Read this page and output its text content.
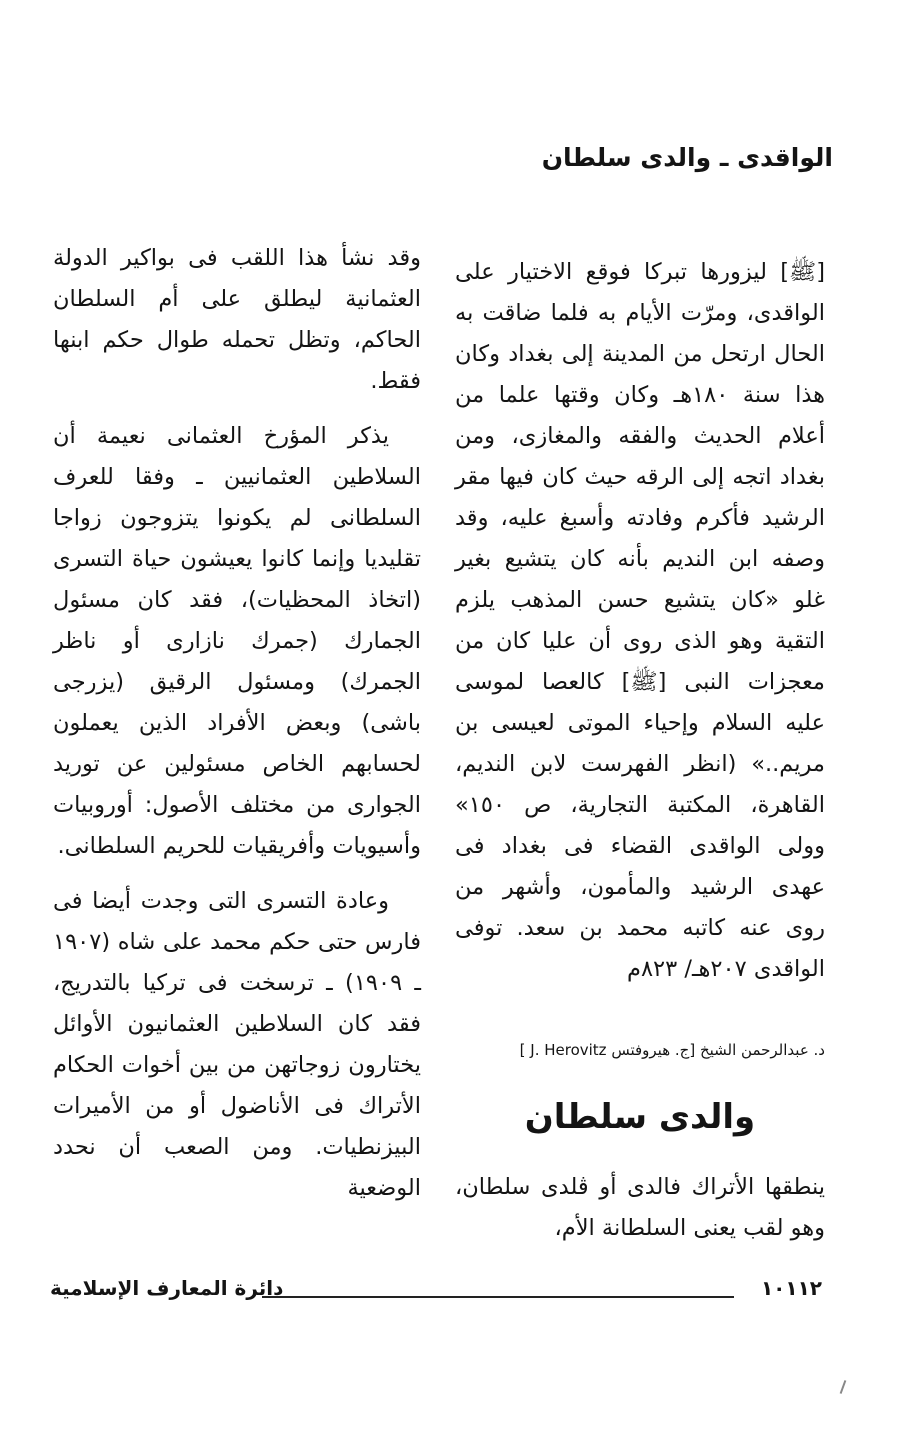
الواقدى ـ والدى سلطان

[ﷺ] ليزورها تبركا فوقع الاختيار على الواقدى، ومرّت الأيام به فلما ضاقت به الحال ارتحل من المدينة إلى بغداد وكان هذا سنة ١٨٠هـ وكان وقتها علما من أعلام الحديث والفقه والمغازى، ومن بغداد اتجه إلى الرقه حيث كان فيها مقر الرشيد فأكرم وفادته وأسبغ عليه، وقد وصفه ابن النديم بأنه كان يتشيع بغير غلو «كان يتشيع حسن المذهب يلزم التقية وهو الذى روى أن عليا كان من معجزات النبى [ﷺ] كالعصا لموسى عليه السلام وإحياء الموتى لعيسى بن مريم..» (انظر الفهرست لابن النديم، القاهرة، المكتبة التجارية، ص ١٥٠» وولى الواقدى القضاء فى بغداد فى عهدى الرشيد والمأمون، وأشهر من روى عنه كاتبه محمد بن سعد. توفى الواقدى ٢٠٧هـ/ ٨٢٣م

د. عبدالرحمن الشيخ [ج. هيروفتس J. Herovitz ]
والدى سلطان
ينطقها الأتراك فالدى أو ڤلدى سلطان، وهو لقب يعنى السلطانة الأم،

وقد نشأ هذا اللقب فى بواكير الدولة العثمانية ليطلق على أم السلطان الحاكم، وتظل تحمله طوال حكم ابنها فقط.

يذكر المؤرخ العثمانى نعيمة أن السلاطين العثمانيين ـ وفقا للعرف السلطانى لم يكونوا يتزوجون زواجا تقليديا وإنما كانوا يعيشون حياة التسرى (اتخاذ المحظيات)، فقد كان مسئول الجمارك (جمرك نازارى أو ناظر الجمرك) ومسئول الرقيق (يزرجى باشى) وبعض الأفراد الذين يعملون لحسابهم الخاص مسئولين عن توريد الجوارى من مختلف الأصول: أوروبيات وأسيويات وأفريقيات للحريم السلطانى.

وعادة التسرى التى وجدت أيضا فى فارس حتى حكم محمد على شاه (١٩٠٧ ـ ١٩٠٩) ـ ترسخت فى تركيا بالتدريج، فقد كان السلاطين العثمانيون الأوائل يختارون زوجاتهن من بين أخوات الحكام الأتراك فى الأناضول أو من الأميرات البيزنطيات. ومن الصعب أن نحدد الوضعية

دائرة المعارف الإسلامية	١٠١١٢
